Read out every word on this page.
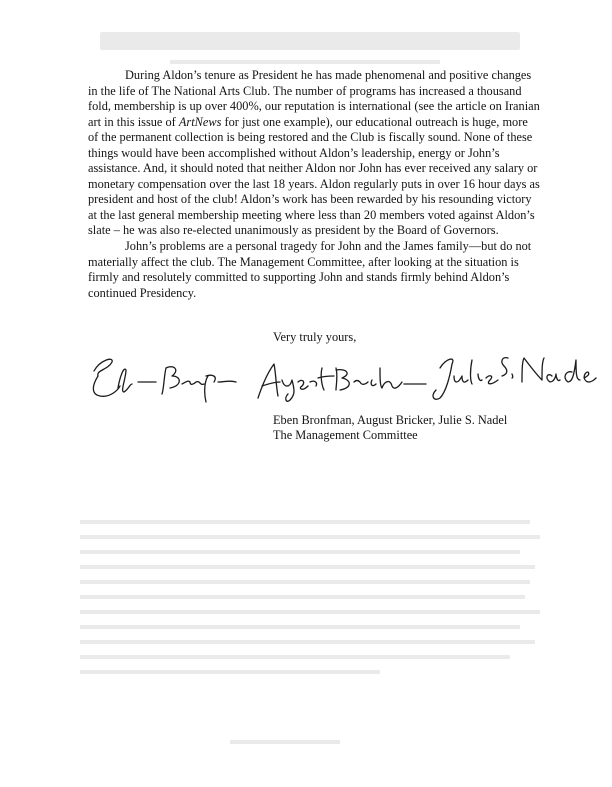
During Aldon’s tenure as President he has made phenomenal and positive changes in the life of The National Arts Club. The number of programs has increased a thousand fold, membership is up over 400%, our reputation is international (see the article on Iranian art in this issue of ArtNews for just one example), our educational outreach is huge, more of the permanent collection is being restored and the Club is fiscally sound. None of these things would have been accomplished without Aldon’s leadership, energy or John’s assistance. And, it should noted that neither Aldon nor John has ever received any salary or monetary compensation over the last 18 years. Aldon regularly puts in over 16 hour days as president and host of the club! Aldon’s work has been rewarded by his resounding victory at the last general membership meeting where less than 20 members voted against Aldon’s slate – he was also re-elected unanimously as president by the Board of Governors.

John’s problems are a personal tragedy for John and the James family—but do not materially affect the club. The Management Committee, after looking at the situation is firmly and resolutely committed to supporting John and stands firmly behind Aldon’s continued Presidency.

Very truly yours,
Eben Bronfman, August Bricker, Julie S. Nadel
The Management Committee
